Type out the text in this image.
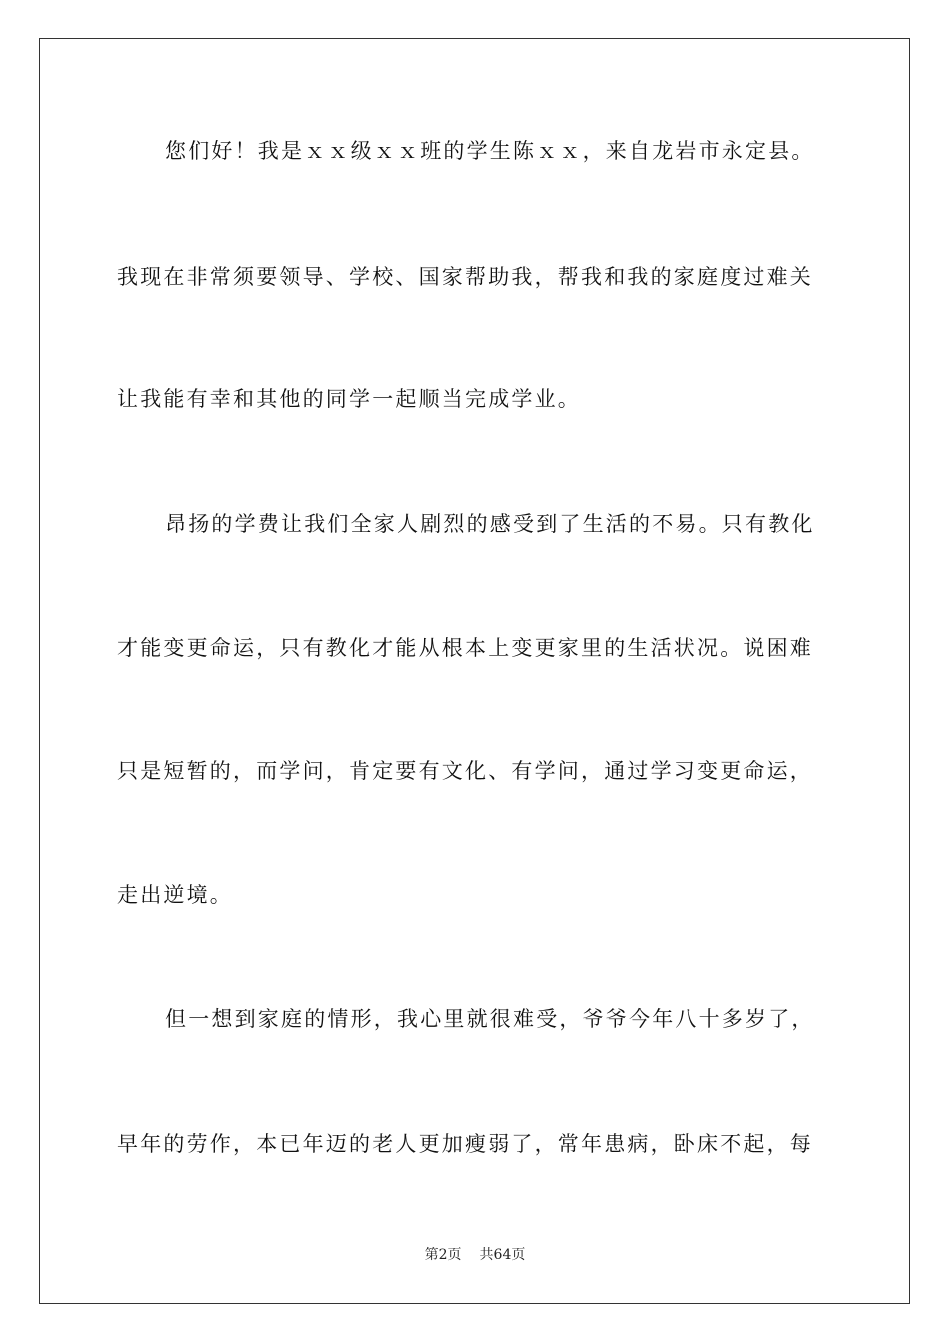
您们好！我是ｘｘ级ｘｘ班的学生陈ｘｘ，来自龙岩市永定县。
我现在非常须要领导、学校、国家帮助我，帮我和我的家庭度过难关
让我能有幸和其他的同学一起顺当完成学业。
昂扬的学费让我们全家人剧烈的感受到了生活的不易。只有教化
才能变更命运，只有教化才能从根本上变更家里的生活状况。说困难
只是短暂的，而学问，肯定要有文化、有学问，通过学习变更命运，
走出逆境。
但一想到家庭的情形，我心里就很难受，爷爷今年八十多岁了，
早年的劳作，本已年迈的老人更加瘦弱了，常年患病，卧床不起，每
第2页 共64页
